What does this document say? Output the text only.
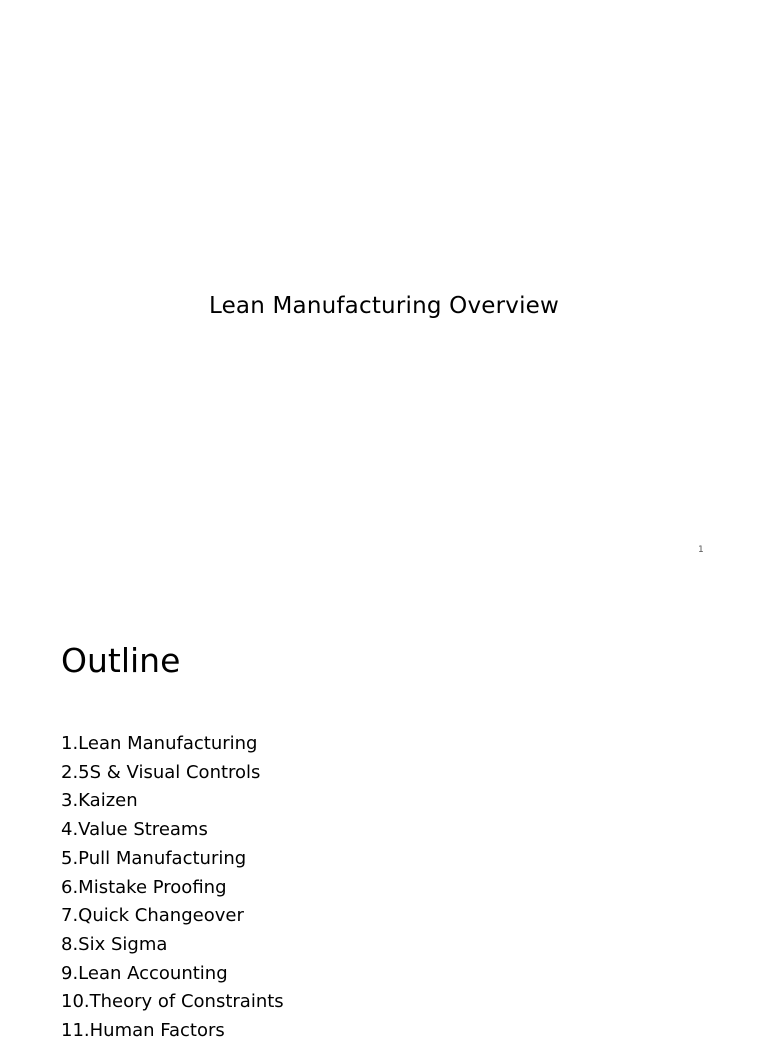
Lean Manufacturing Overview
1
Outline
1.Lean Manufacturing
2.5S & Visual Controls
3.Kaizen
4.Value Streams
5.Pull Manufacturing
6.Mistake Proofing
7.Quick Changeover
8.Six Sigma
9.Lean Accounting
10.Theory of Constraints
11.Human Factors
